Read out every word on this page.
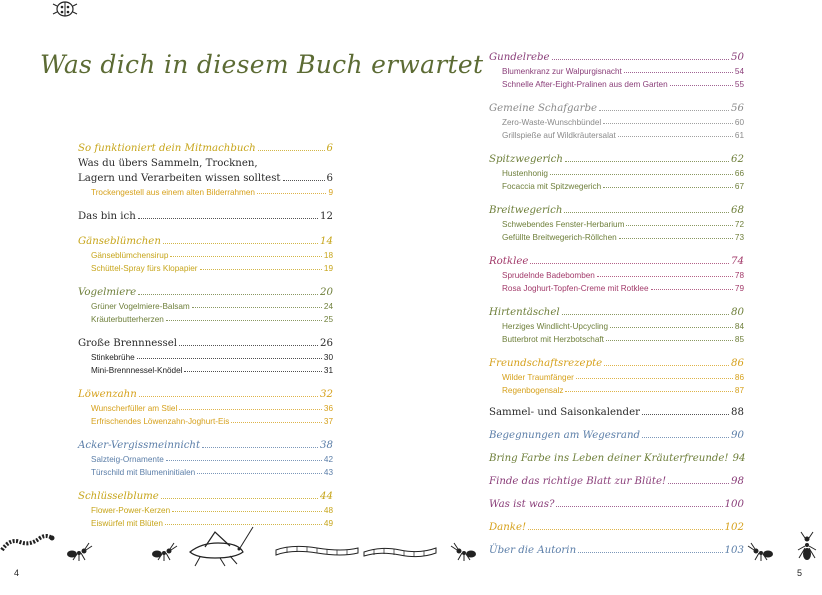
Was dich in diesem Buch erwartet
So funktioniert dein Mitmachbuch	6
Was du übers Sammeln, Trocknen,
Lagern und Verarbeiten wissen solltest	6
Trockengestell aus einem alten Bilderrahmen	9
Das bin ich	12
Gänseblümchen	14
Gänseblümchensirup	18
Schüttel-Spray fürs Klopapier	19
Vogelmiere	20
Grüner Vogelmiere-Balsam	24
Kräuterbutterherzen	25
Große Brennnessel	26
Stinkebrühe	30
Mini-Brennnessel-Knödel	31
Löwenzahn	32
Wunscherfüller am Stiel	36
Erfrischendes Löwenzahn-Joghurt-Eis	37
Acker-Vergissmeinnicht	38
Salzteig-Ornamente	42
Türschild mit Blumeninitialen	43
Schlüsselblume	44
Flower-Power-Kerzen	48
Eiswürfel mit Blüten	49
Gundelrebe	50
Blumenkranz zur Walpurgisnacht	54
Schnelle After-Eight-Pralinen aus dem Garten	55
Gemeine Schafgarbe	56
Zero-Waste-Wunschbündel	60
Grillspieße auf Wildkräutersalat	61
Spitzwegerich	62
Hustenhonig	66
Focaccia mit Spitzwegerich	67
Breitwegerich	68
Schwebendes Fenster-Herbarium	72
Gefüllte Breitwegerich-Röllchen	73
Rotklee	74
Sprudelnde Badebomben	78
Rosa Joghurt-Topfen-Creme mit Rotklee	79
Hirtentäschel	80
Herziges Windlicht-Upcycling	84
Butterbrot mit Herzbotschaft	85
Freundschaftsrezepte	86
Wilder Traumfänger	86
Regenbogensalz	87
Sammel- und Saisonkalender	88
Begegnungen am Wegesrand	90
Bring Farbe ins Leben deiner Kräuterfreunde! 94
Finde das richtige Blatt zur Blüte!	98
Was ist was?	100
Danke!	102
Über die Autorin	103
4	5
